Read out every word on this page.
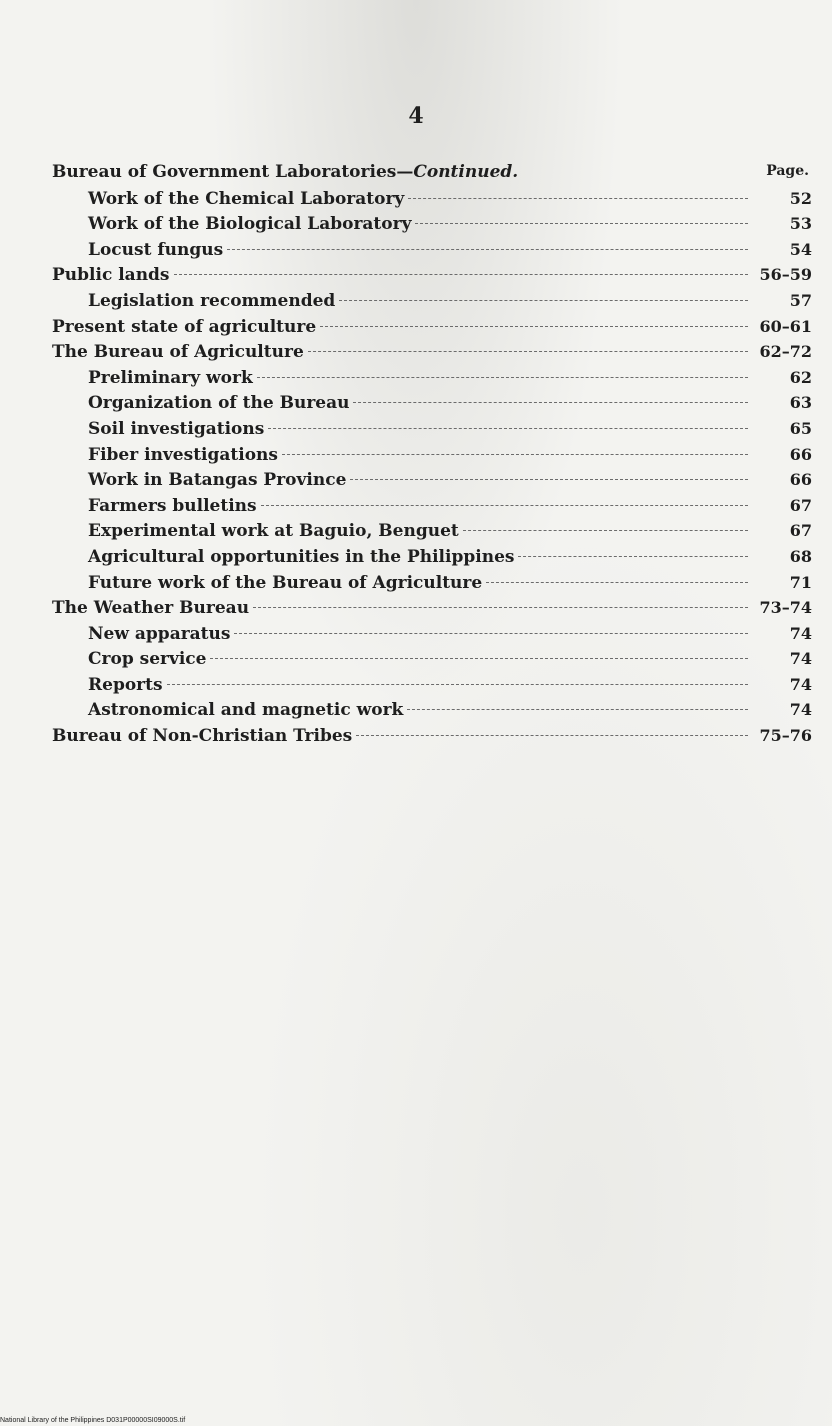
4
Page.
Bureau of Government Laboratories—Continued.
Work of the Chemical Laboratory	52
Work of the Biological Laboratory	53
Locust fungus	54
Public lands	56–59
Legislation recommended	57
Present state of agriculture	60–61
The Bureau of Agriculture	62–72
Preliminary work	62
Organization of the Bureau	63
Soil investigations	65
Fiber investigations	66
Work in Batangas Province	66
Farmers bulletins	67
Experimental work at Baguio, Benguet	67
Agricultural opportunities in the Philippines	68
Future work of the Bureau of Agriculture	71
The Weather Bureau	73–74
New apparatus	74
Crop service	74
Reports	74
Astronomical and magnetic work	74
Bureau of Non-Christian Tribes	75–76
National Library of the Philippines D031P00000SI09000S.tif
